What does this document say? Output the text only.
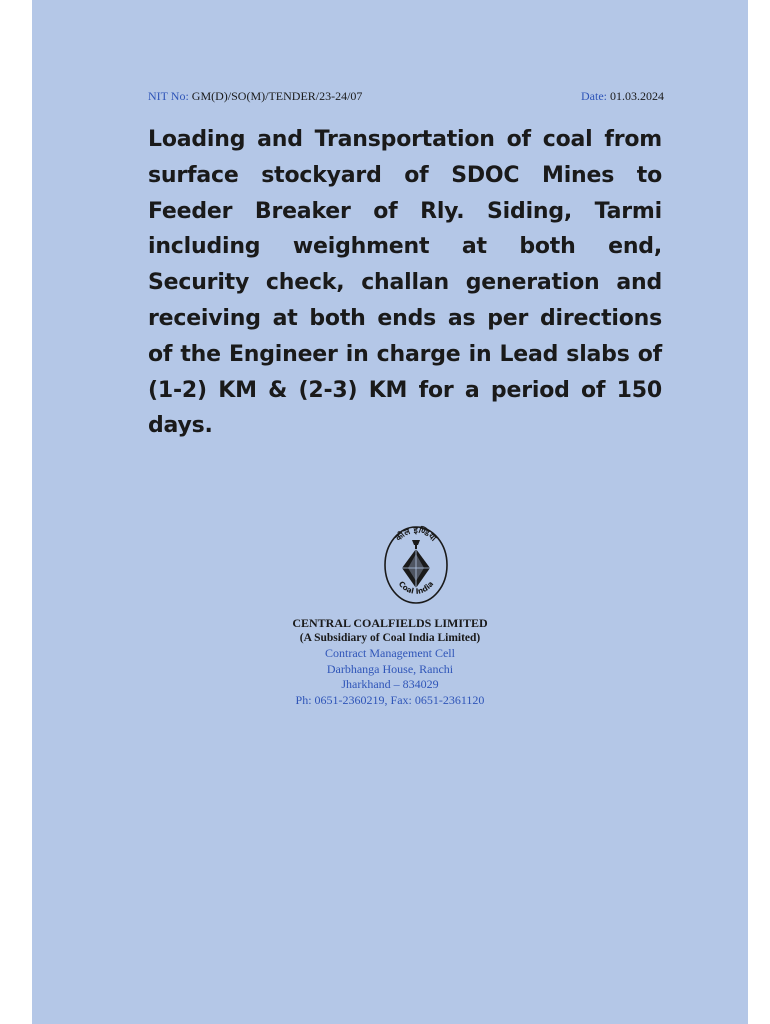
NIT No: GM(D)/SO(M)/TENDER/23-24/07	Date: 01.03.2024
Loading and Transportation of coal from surface stockyard of SDOC Mines to Feeder Breaker of Rly. Siding, Tarmi including weighment at both end, Security check, challan generation and receiving at both ends as per directions of the Engineer in charge in Lead slabs of (1-2) KM & (2-3) KM for a period of 150 days.
कोल इण्डिया
Coal India
CENTRAL COALFIELDS LIMITED
(A Subsidiary of Coal India Limited)
Contract Management Cell
Darbhanga House, Ranchi
Jharkhand – 834029
Ph: 0651-2360219, Fax: 0651-2361120
